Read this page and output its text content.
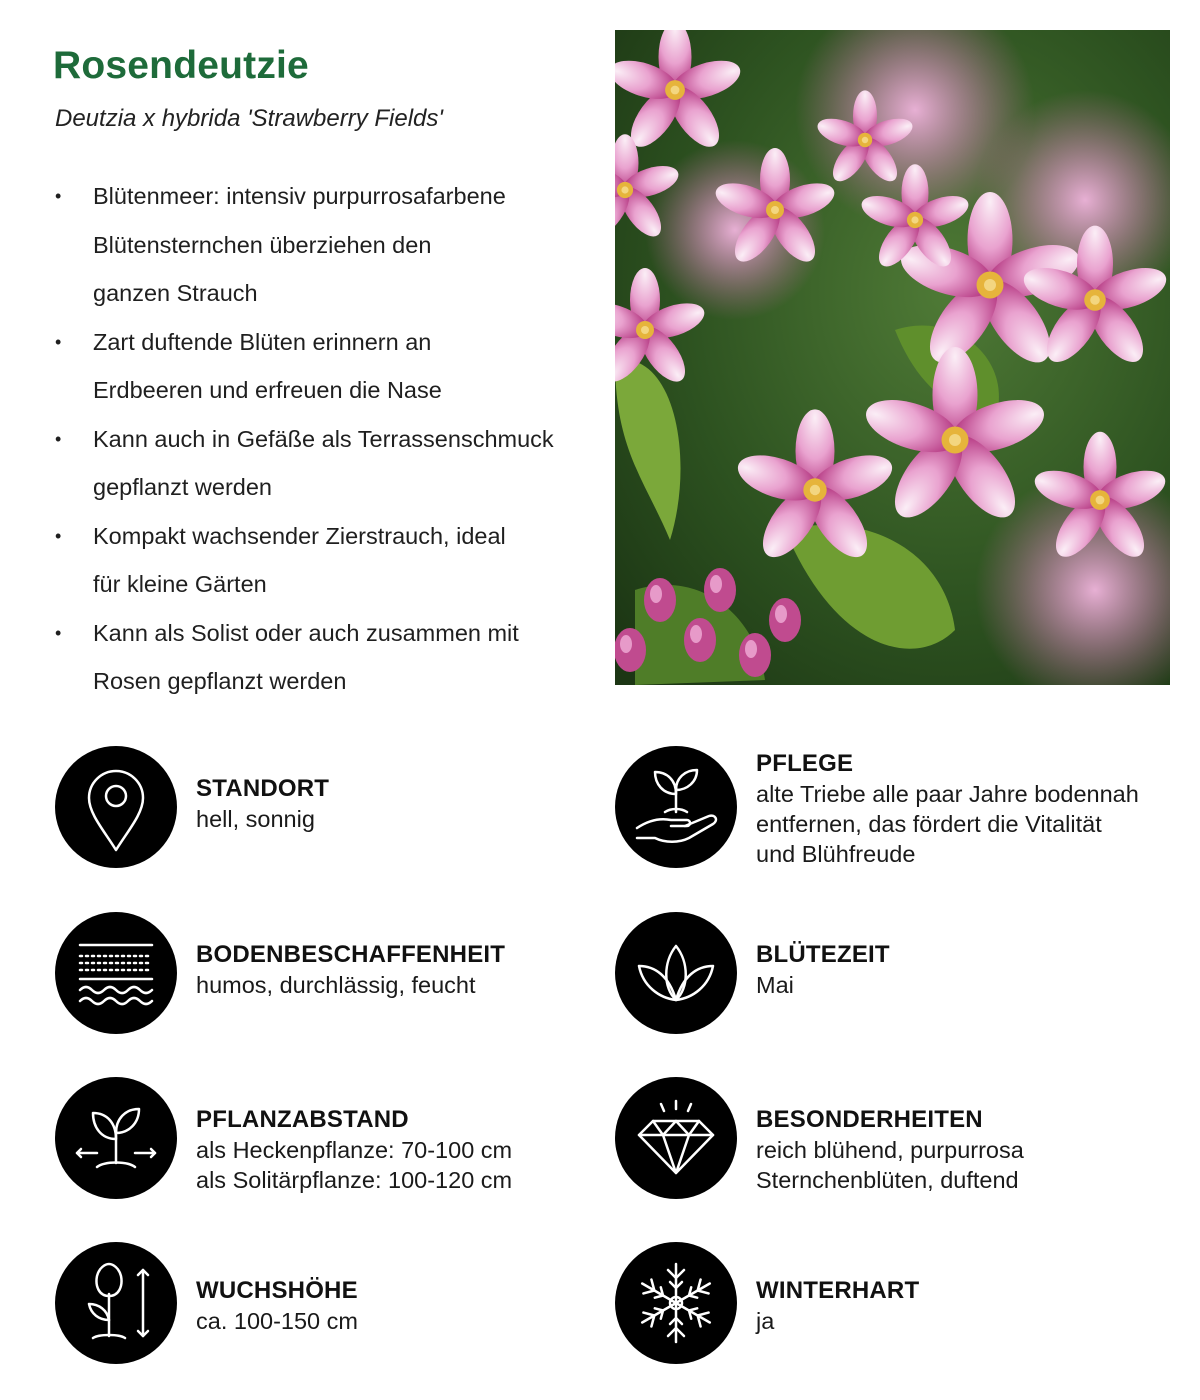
Rosendeutzie
Deutzia x hybrida 'Strawberry Fields'
• Blütenmeer: intensiv purpurrosafarbene
Blütensternchen überziehen den
ganzen Strauch
• Zart duftende Blüten erinnern an
Erdbeeren und erfreuen die Nase
• Kann auch in Gefäße als Terrassenschmuck
gepflanzt werden
• Kompakt wachsender Zierstrauch, ideal
für kleine Gärten
• Kann als Solist oder auch zusammen mit
Rosen gepflanzt werden
STANDORT
hell, sonnig
PFLEGE
alte Triebe alle paar Jahre bodennah
entfernen, das fördert die Vitalität
und Blühfreude
BODENBESCHAFFENHEIT
humos, durchlässig, feucht
BLÜTEZEIT
Mai
PFLANZABSTAND
als Heckenpflanze: 70-100 cm
als Solitärpflanze: 100-120 cm
BESONDERHEITEN
reich blühend, purpurrosa
Sternchenblüten, duftend
WUCHSHÖHE
ca. 100-150 cm
WINTERHART
ja
